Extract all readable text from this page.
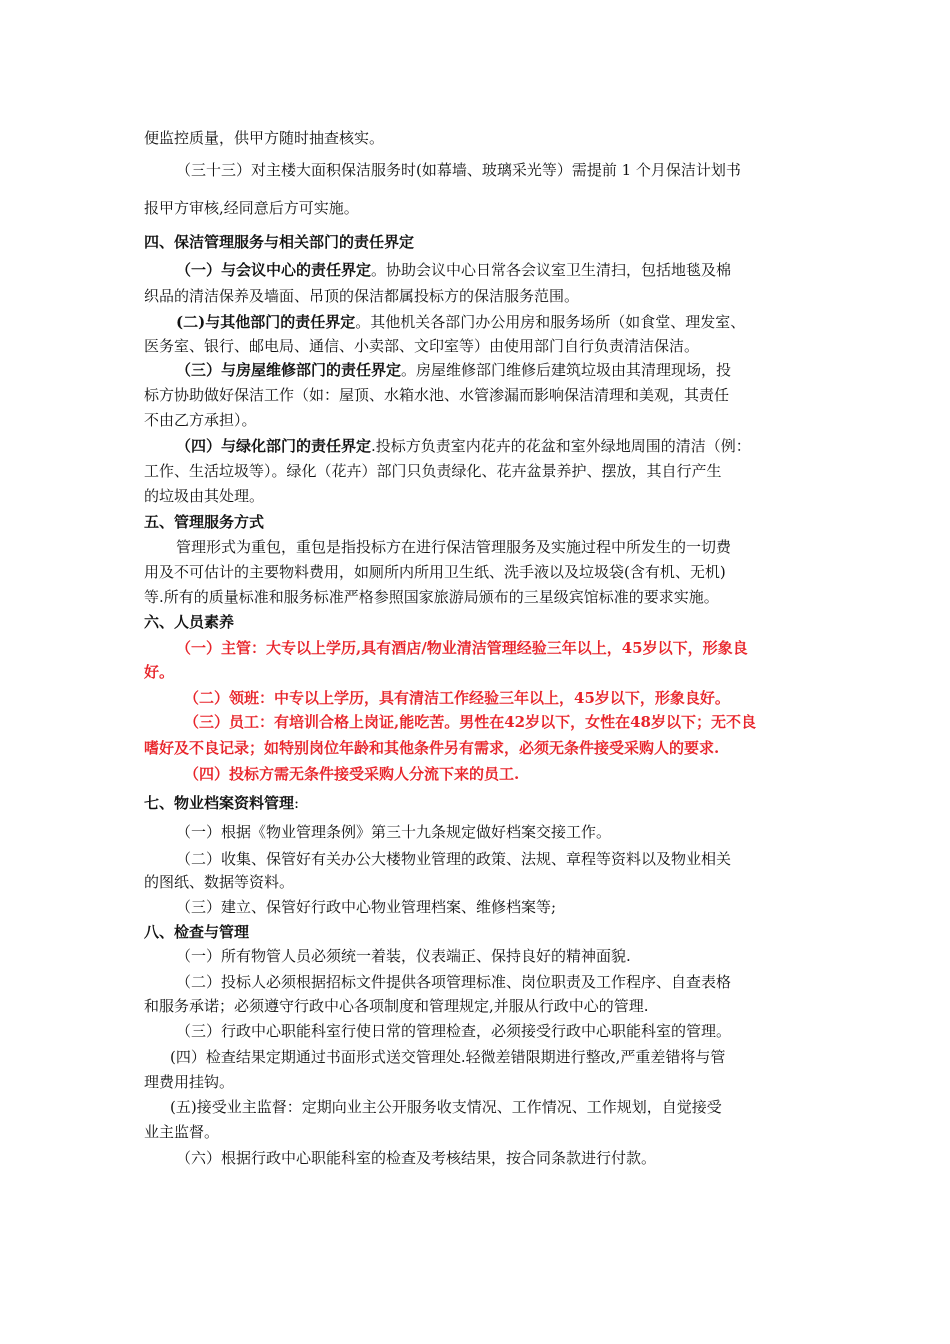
便监控质量，供甲方随时抽查核实。
（三十三）对主楼大面积保洁服务时(如幕墙、玻璃采光等）需提前 1 个月保洁计划书
报甲方审核,经同意后方可实施。
四、保洁管理服务与相关部门的责任界定
（一）与会议中心的责任界定。协助会议中心日常各会议室卫生清扫，包括地毯及棉
织品的清洁保养及墙面、吊顶的保洁都属投标方的保洁服务范围。
(二)与其他部门的责任界定。其他机关各部门办公用房和服务场所（如食堂、理发室、
医务室、银行、邮电局、通信、小卖部、文印室等）由使用部门自行负责清洁保洁。
（三）与房屋维修部门的责任界定。房屋维修部门维修后建筑垃圾由其清理现场，投
标方协助做好保洁工作（如：屋顶、水箱水池、水管渗漏而影响保洁清理和美观，其责任
不由乙方承担）。
（四）与绿化部门的责任界定.投标方负责室内花卉的花盆和室外绿地周围的清洁（例：
工作、生活垃圾等）。绿化（花卉）部门只负责绿化、花卉盆景养护、摆放，其自行产生
的垃圾由其处理。
五、管理服务方式
管理形式为重包，重包是指投标方在进行保洁管理服务及实施过程中所发生的一切费
用及不可估计的主要物料费用，如厕所内所用卫生纸、洗手液以及垃圾袋(含有机、无机)
等.所有的质量标准和服务标准严格参照国家旅游局颁布的三星级宾馆标准的要求实施。
六、人员素养
（一）主管：大专以上学历,具有酒店/物业清洁管理经验三年以上，45岁以下，形象良
好。
（二）领班：中专以上学历，具有清洁工作经验三年以上，45岁以下，形象良好。
（三）员工：有培训合格上岗证,能吃苦。男性在42岁以下，女性在48岁以下；无不良
嗜好及不良记录；如特别岗位年龄和其他条件另有需求，必须无条件接受采购人的要求.
（四）投标方需无条件接受采购人分流下来的员工.
七、物业档案资料管理:
（一）根据《物业管理条例》第三十九条规定做好档案交接工作。
（二）收集、保管好有关办公大楼物业管理的政策、法规、章程等资料以及物业相关
的图纸、数据等资料。
（三）建立、保管好行政中心物业管理档案、维修档案等;
八、检查与管理
（一）所有物管人员必须统一着装，仪表端正、保持良好的精神面貌.
（二）投标人必须根据招标文件提供各项管理标准、岗位职责及工作程序、自查表格
和服务承诺；必须遵守行政中心各项制度和管理规定,并服从行政中心的管理.
（三）行政中心职能科室行使日常的管理检查，必须接受行政中心职能科室的管理。
(四）检查结果定期通过书面形式送交管理处.轻微差错限期进行整改,严重差错将与管
理费用挂钩。
(五)接受业主监督：定期向业主公开服务收支情况、工作情况、工作规划，自觉接受
业主监督。
（六）根据行政中心职能科室的检查及考核结果，按合同条款进行付款。
